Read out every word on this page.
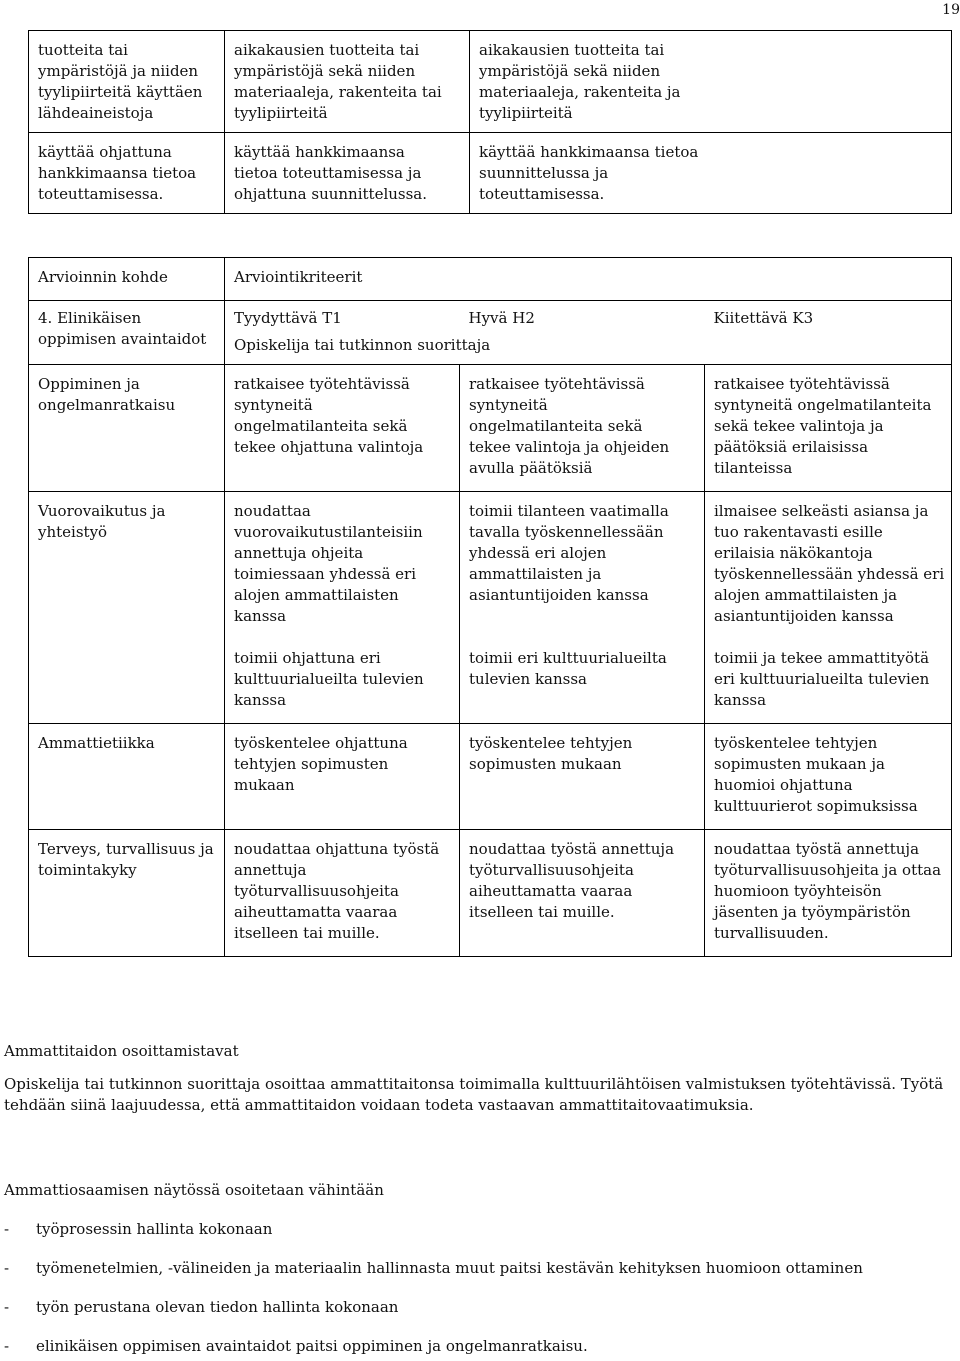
19
tuotteita tai ympäristöjä ja niiden tyylipiirteitä käyttäen lähdeaineistoja	aikakausien tuotteita tai ympäristöjä sekä niiden materiaaleja, rakenteita tai tyylipiirteitä	aikakausien tuotteita tai ympäristöjä sekä niiden materiaaleja, rakenteita ja tyylipiirteitä
käyttää ohjattuna hankkimaansa tietoa toteuttamisessa.	käyttää hankkimaansa tietoa toteuttamisessa ja ohjattuna suunnittelussa.	käyttää hankkimaansa tietoa suunnittelussa ja toteuttamisessa.
Arvioinnin kohde	Arviointikriteerit		
4. Elinikäisen oppimisen avaintaidot	Tyydyttävä T1	Hyvä H2	Kiitettävä K3
	Opiskelija tai tutkinnon suorittaja		
Oppiminen ja ongelmanratkaisu	ratkaisee työtehtävissä syntyneitä ongelmatilanteita sekä tekee ohjattuna valintoja	ratkaisee työtehtävissä syntyneitä ongelmatilanteita sekä tekee valintoja ja ohjeiden avulla päätöksiä	ratkaisee työtehtävissä syntyneitä ongelmatilanteita sekä tekee valintoja ja päätöksiä erilaisissa tilanteissa
Vuorovaikutus ja yhteistyö	noudattaa vuorovaikutustilanteisiin annettuja ohjeita toimiessaan yhdessä eri alojen ammattilaisten kanssa	toimii tilanteen vaatimalla tavalla työskennellessään yhdessä eri alojen ammattilaisten ja asiantuntijoiden kanssa	ilmaisee selkeästi asiansa ja tuo rakentavasti esille erilaisia näkökantoja työskennellessään yhdessä eri alojen ammattilaisten ja asiantuntijoiden kanssa
	toimii ohjattuna eri kulttuurialueilta tulevien kanssa	toimii eri kulttuurialueilta tulevien kanssa	toimii ja tekee ammattityötä eri kulttuurialueilta tulevien kanssa
Ammattietiikka	työskentelee ohjattuna tehtyjen sopimusten mukaan	työskentelee tehtyjen sopimusten mukaan	työskentelee tehtyjen sopimusten mukaan ja huomioi ohjattuna kulttuurierot sopimuksissa
Terveys, turvallisuus ja toimintakyky	noudattaa ohjattuna työstä annettuja työturvallisuusohjeita aiheuttamatta vaaraa itselleen tai muille.	noudattaa työstä annettuja työturvallisuusohjeita aiheuttamatta vaaraa itselleen tai muille.	noudattaa työstä annettuja työturvallisuusohjeita ja ottaa huomioon työyhteisön jäsenten ja työympäristön turvallisuuden.

Ammattitaidon osoittamistavat

Opiskelija tai tutkinnon suorittaja osoittaa ammattitaitonsa toimimalla kulttuurilähtöisen valmistuksen työtehtävissä. Työtä tehdään siinä laajuudessa, että ammattitaidon voidaan todeta vastaavan ammattitaitovaatimuksia.

Ammattiosaamisen näytössä osoitetaan vähintään
- työprosessin hallinta kokonaan
- työmenetelmien, -välineiden ja materiaalin hallinnasta muut paitsi kestävän kehityksen huomioon ottaminen
- työn perustana olevan tiedon hallinta kokonaan
- elinikäisen oppimisen avaintaidot paitsi oppiminen ja ongelmanratkaisu.
